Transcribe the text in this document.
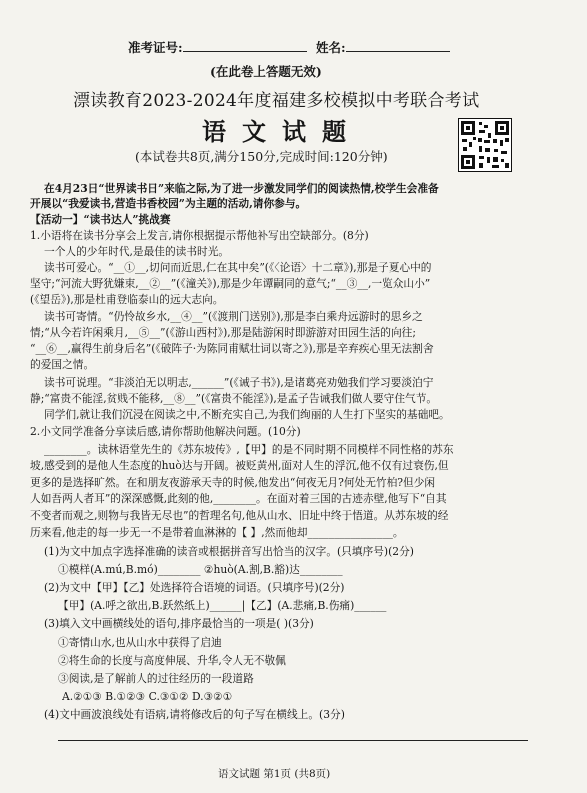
准考证号:	姓名:
(在此卷上答题无效)
漂读教育2023-2024年度福建多校模拟中考联合考试
语文试题
(本试卷共8页,满分150分,完成时间:120分钟)
在4月23日“世界读书日”来临之际,为了进一步激发同学们的阅读热情,校学生会准备
开展以“我爱读书,营造书香校园”为主题的活动,请你参与。
【活动一】“读书达人”挑战赛
1.小语将在读书分享会上发言,请你根据提示帮他补写出空缺部分。(8分)
一个人的少年时代,是最佳的读书时光。
读书可爱心。“__①__,切问而近思,仁在其中矣”(《〈论语〉十二章》),那是子夏心中的
坚守;“河流大野犹嫌束,__②__”(《潼关》),那是少年谭嗣同的意气;“__③__,一览众山小”
(《望岳》),那是杜甫登临泰山的远大志向。
读书可寄情。“仍怜故乡水,__④__”(《渡荆门送别》),那是李白乘舟远游时的思乡之
情;“从今若许闲乘月,__⑤__”(《游山西村》),那是陆游闲时即游游对田园生活的向往;
“__⑥__,赢得生前身后名”(《破阵子·为陈同甫赋壮词以寄之》),那是辛弃疾心里无法割舍
的爱国之情。
读书可说理。“非淡泊无以明志,______”(《诫子书》),是诸葛亮劝勉我们学习要淡泊宁
静;“富贵不能淫,贫贱不能移,__⑧__”(《富贵不能淫》),是孟子告诫我们做人要守住气节。
同学们,就让我们沉浸在阅读之中,不断充实自己,为我们绚丽的人生打下坚实的基础吧。
2.小文同学准备分享读后感,请你帮助他解决问题。(10分)
________。读林语堂先生的《苏东坡传》,【甲】的是不同时期不同模样不同性格的苏东
坡,感受到的是他人生态度的huò达与开阔。被贬黄州,面对人生的浮沉,他不仅有过衰伤,但
更多的是选择旷然。在和朋友夜游承天寺的时候,他发出“何夜无月?何处无竹柏?但少闲
人如吾两人者耳”的深深感慨,此刻的他,________。在面对着三国的古迹赤壁,他写下“自其
不变者而观之,则物与我皆无尽也”的哲理名句,他从山水、旧址中终于悟道。从苏东坡的经
历来看,他走的每一步无一不是带着血淋淋的【 】,然而他却________________。
(1)为文中加点字选择准确的读音或根据拼音写出恰当的汉字。(只填序号)(2分)
①模样(A.mú,B.mó)________ ②huò(A.割,B.豁)达________
(2)为文中【甲】【乙】处选择符合语境的词语。(只填序号)(2分)
【甲】(A.呼之欲出,B.跃然纸上)______|【乙】(A.悲痛,B.伤痛)______
(3)填入文中画横线处的语句,排序最恰当的一项是( )(3分)
①寄情山水,也从山水中获得了启迪
②将生命的长度与高度伸展、升华,令人无不敬佩
③阅读,是了解前人的过往经历的一段道路
A.②①③ B.①②③ C.③①② D.③②①
(4)文中画波浪线处有语病,请将修改后的句子写在横线上。(3分)
语文试题 第1页 (共8页)
